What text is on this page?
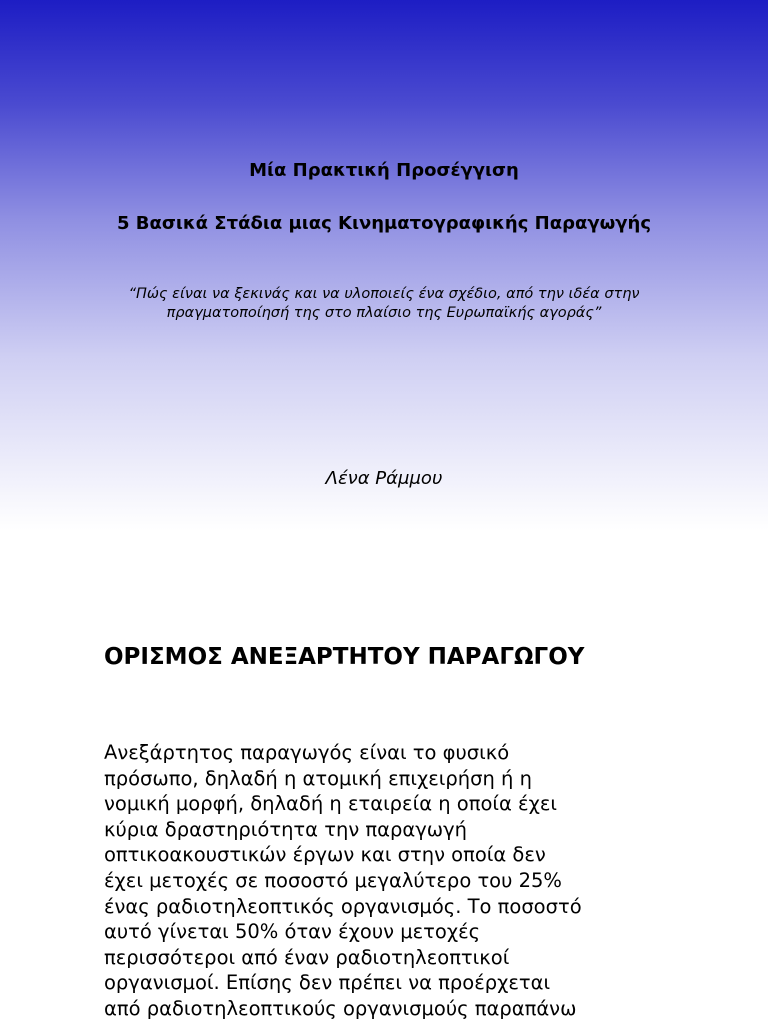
Μία Πρακτική Προσέγγιση
5 Βασικά Στάδια μιας Κινηματογραφικής Παραγωγής
“Πώς είναι να ξεκινάς και να υλοποιείς ένα σχέδιο, από την ιδέα στην
πραγματοποίησή της στο πλαίσιο της Ευρωπαϊκής αγοράς”
Λένα Ράμμου
ΟΡΙΣΜΟΣ ΑΝΕΞΑΡΤΗΤΟΥ ΠΑΡΑΓΩΓΟΥ
Ανεξάρτητος παραγωγός είναι το φυσικό
πρόσωπο, δηλαδή η ατομική επιχειρήση ή η
νομική μορφή, δηλαδή η εταιρεία η οποία έχει
κύρια δραστηριότητα την παραγωγή
οπτικοακουστικών έργων και στην οποία δεν
έχει μετοχές σε ποσοστό μεγαλύτερο του 25%
ένας ραδιοτηλεοπτικός οργανισμός. Το ποσοστό
αυτό γίνεται 50% όταν έχουν μετοχές
περισσότεροι από έναν ραδιοτηλεοπτικοί
οργανισμοί. Επίσης δεν πρέπει να προέρχεται
από ραδιοτηλεοπτικούς οργανισμούς παραπάνω
